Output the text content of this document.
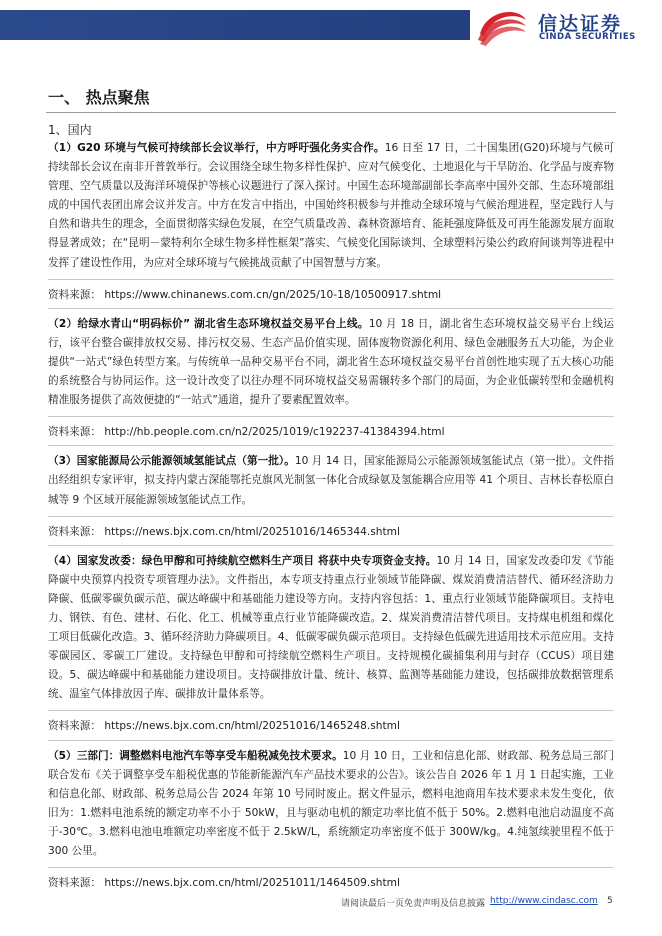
信达证券
CINDA SECURITIES
一、 热点聚焦
1、国内

（1）G20 环境与气候可持续部长会议举行，中方呼吁强化务实合作。16 日至 17 日，二十国集团(G20)环境与气候可持续部长会议在南非开普敦举行。会议围绕全球生物多样性保护、应对气候变化、土地退化与干旱防治、化学品与废弃物管理、空气质量以及海洋环境保护等核心议题进行了深入探讨。中国生态环境部副部长李高率中国外交部、生态环境部组成的中国代表团出席会议并发言。中方在发言中指出，中国始终积极参与并推动全球环境与气候治理进程，坚定践行人与自然和谐共生的理念，全面贯彻落实绿色发展，在空气质量改善、森林资源培育、能耗强度降低及可再生能源发展方面取得显著成效；在“昆明－蒙特利尔全球生物多样性框架”落实、气候变化国际谈判、全球塑料污染公约政府间谈判等进程中发挥了建设性作用，为应对全球环境与气候挑战贡献了中国智慧与方案。

资料来源： https://www.chinanews.com.cn/gn/2025/10-18/10500917.shtml

（2）给绿水青山“明码标价” 湖北省生态环境权益交易平台上线。10 月 18 日，湖北省生态环境权益交易平台上线运行，该平台整合碳排放权交易、排污权交易、生态产品价值实现、固体废物资源化利用、绿色金融服务五大功能，为企业提供“一站式”绿色转型方案。与传统单一品种交易平台不同，湖北省生态环境权益交易平台首创性地实现了五大核心功能的系统整合与协同运作。这一设计改变了以往办理不同环境权益交易需辗转多个部门的局面，为企业低碳转型和金融机构精准服务提供了高效便捷的“一站式”通道，提升了要素配置效率。

资料来源： http://hb.people.com.cn/n2/2025/1019/c192237-41384394.html

（3）国家能源局公示能源领域氢能试点（第一批）。10 月 14 日，国家能源局公示能源领域氢能试点（第一批）。文件指出经组织专家评审，拟支持内蒙古深能鄂托克旗风光制氢一体化合成绿氨及氢能耦合应用等 41 个项目、吉林长春松原白城等 9 个区域开展能源领域氢能试点工作。

资料来源： https://news.bjx.com.cn/html/20251016/1465344.shtml

（4）国家发改委：绿色甲醇和可持续航空燃料生产项目 将获中央专项资金支持。10 月 14 日，国家发改委印发《节能降碳中央预算内投资专项管理办法》。文件指出，本专项支持重点行业领域节能降碳、煤炭消费清洁替代、循环经济助力降碳、低碳零碳负碳示范、碳达峰碳中和基础能力建设等方向。支持内容包括：1、重点行业领域节能降碳项目。支持电力、钢铁、有色、建材、石化、化工、机械等重点行业节能降碳改造。2、煤炭消费清洁替代项目。支持煤电机组和煤化工项目低碳化改造。3、循环经济助力降碳项目。4、低碳零碳负碳示范项目。支持绿色低碳先进适用技术示范应用。支持零碳园区、零碳工厂建设。支持绿色甲醇和可持续航空燃料生产项目。支持规模化碳捕集利用与封存（CCUS）项目建设。5、碳达峰碳中和基础能力建设项目。支持碳排放计量、统计、核算、监测等基础能力建设，包括碳排放数据管理系统、温室气体排放因子库、碳排放计量体系等。

资料来源： https://news.bjx.com.cn/html/20251016/1465248.shtml

（5）三部门：调整燃料电池汽车等享受车船税减免技术要求。10 月 10 日，工业和信息化部、财政部、税务总局三部门联合发布《关于调整享受车船税优惠的节能新能源汽车产品技术要求的公告》。该公告自 2026 年 1 月 1 日起实施，工业和信息化部、财政部、税务总局公告 2024 年第 10 号同时废止。据文件显示，燃料电池商用车技术要求未发生变化，依旧为：1.燃料电池系统的额定功率不小于 50kW，且与驱动电机的额定功率比值不低于 50%。2.燃料电池启动温度不高于-30℃。3.燃料电池电堆额定功率密度不低于 2.5kW/L，系统额定功率密度不低于 300W/kg。4.纯氢续驶里程不低于 300 公里。

资料来源： https://news.bjx.com.cn/html/20251011/1464509.shtml

请阅读最后一页免责声明及信息披露 http://www.cindasc.com 5
